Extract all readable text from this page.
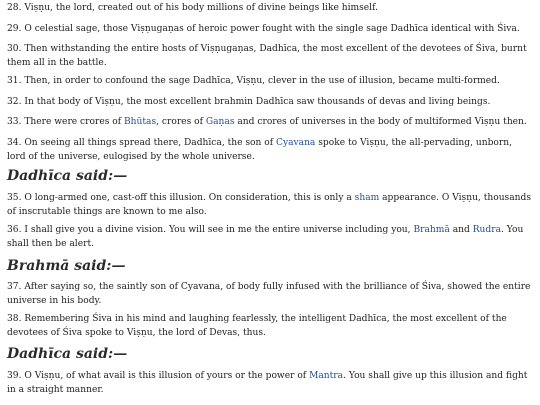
28. Viṣṇu, the lord, created out of his body millions of divine beings like himself.

29. O celestial sage, those Viṣṇugaṇas of heroic power fought with the single sage Dadhīca identical with Śiva.

30. Then withstanding the entire hosts of Viṣṇugaṇas, Dadhīca, the most excellent of the devotees of Śiva, burnt them all in the battle.

31. Then, in order to confound the sage Dadhīca, Viṣṇu, clever in the use of illusion, became multi-formed.

32. In that body of Viṣṇu, the most excellent brahmin Dadhīca saw thousands of devas and living beings.

33. There were crores of Bhūtas, crores of Gaṇas and crores of universes in the body of multiformed Viṣṇu then.

34. On seeing all things spread there, Dadhīca, the son of Cyavana spoke to Viṣṇu, the all-pervading, unborn, lord of the universe, eulogised by the whole universe.

Dadhīca said:—

35. O long-armed one, cast-off this illusion. On consideration, this is only a sham appearance. O Viṣṇu, thousands of inscrutable things are known to me also.

36. I shall give you a divine vision. You will see in me the entire universe including you, Brahmā and Rudra. You shall then be alert.

Brahmā said:—

37. After saying so, the saintly son of Cyavana, of body fully infused with the brilliance of Śiva, showed the entire universe in his body.

38. Remembering Śiva in his mind and laughing fearlessly, the intelligent Dadhīca, the most excellent of the devotees of Śiva spoke to Viṣṇu, the lord of Devas, thus.

Dadhīca said:—

39. O Viṣṇu, of what avail is this illusion of yours or the power of Mantra. You shall give up this illusion and fight in a straight manner.
